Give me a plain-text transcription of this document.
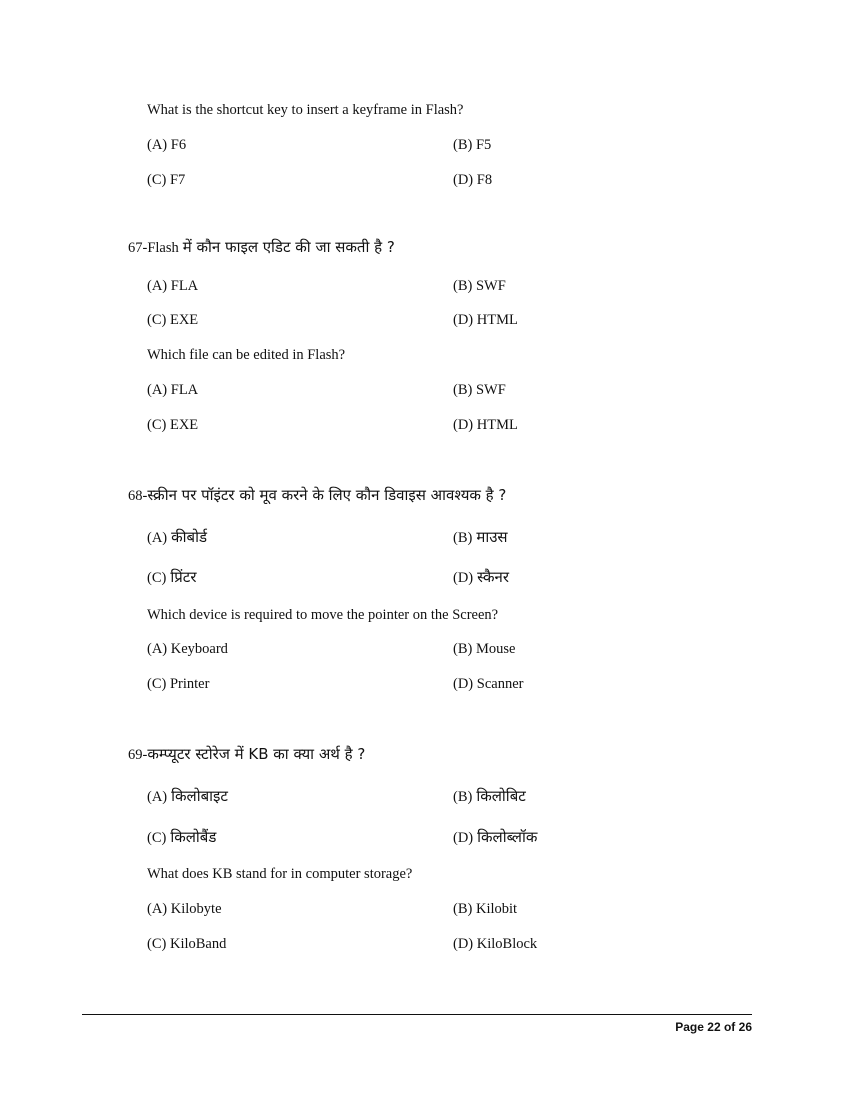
What is the shortcut key to insert a keyframe in Flash?
(A) F6	(B) F5
(C) F7	(D) F8
67-Flash में कौन फाइल एडिट की जा सकती है ?
(A) FLA	(B) SWF
(C) EXE	(D) HTML
Which file can be edited in Flash?
(A) FLA	(B) SWF
(C) EXE	(D) HTML
68-स्क्रीन पर पॉइंटर को मूव करने के लिए कौन डिवाइस आवश्यक है ?
(A) कीबोर्ड	(B) माउस
(C) प्रिंटर	(D) स्कैनर
Which device is required to move the pointer on the Screen?
(A) Keyboard	(B) Mouse
(C) Printer	(D) Scanner
69-कम्प्यूटर स्टोरेज में KB का क्या अर्थ है ?
(A) किलोबाइट	(B) किलोबिट
(C) किलोबैंड	(D) किलोब्लॉक
What does KB stand for in computer storage?
(A) Kilobyte	(B) Kilobit
(C) KiloBand	(D) KiloBlock
Page 22 of 26
